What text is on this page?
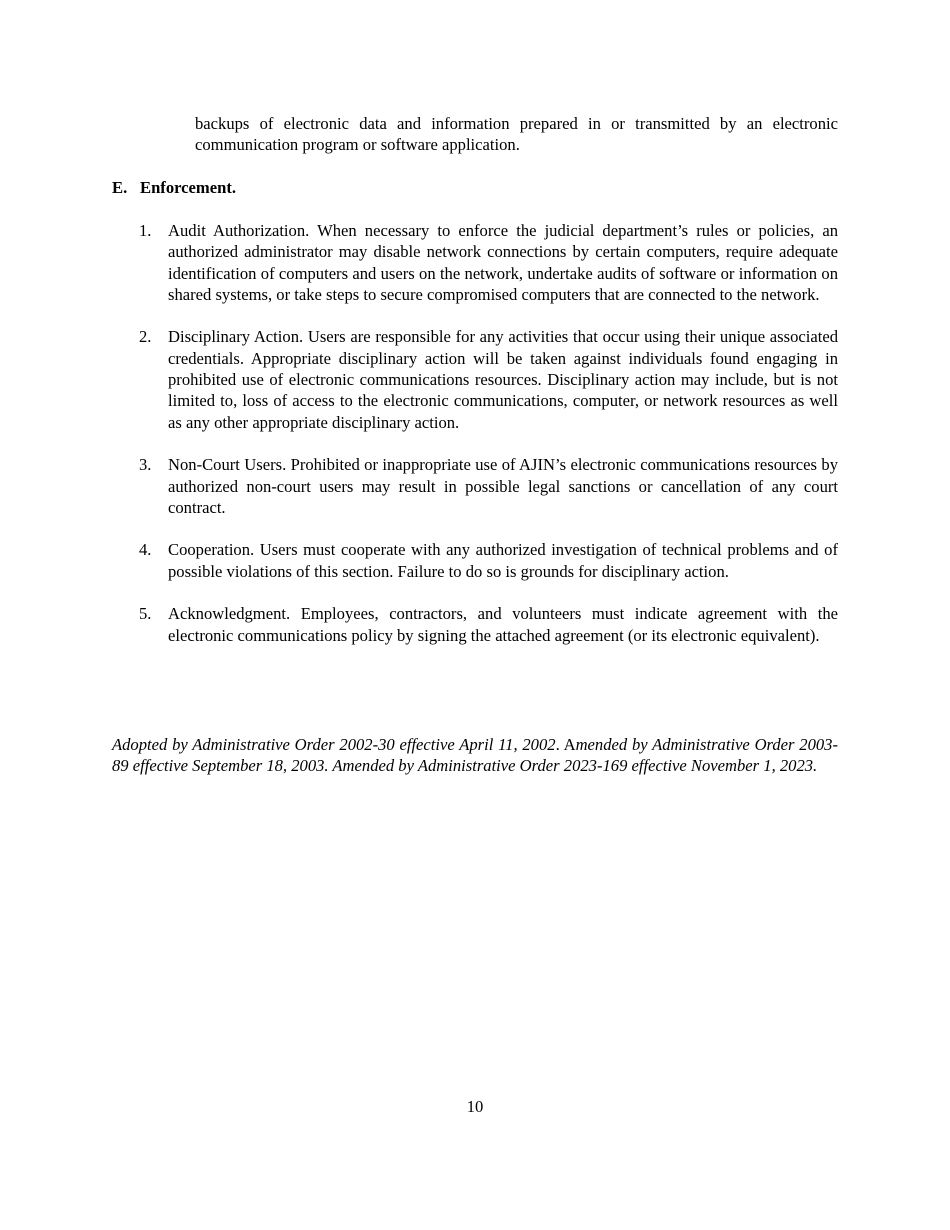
backups of electronic data and information prepared in or transmitted by an electronic communication program or software application.

E. Enforcement.
1. Audit Authorization. When necessary to enforce the judicial department’s rules or policies, an authorized administrator may disable network connections by certain computers, require adequate identification of computers and users on the network, undertake audits of software or information on shared systems, or take steps to secure compromised computers that are connected to the network.
2. Disciplinary Action. Users are responsible for any activities that occur using their unique associated credentials. Appropriate disciplinary action will be taken against individuals found engaging in prohibited use of electronic communications resources. Disciplinary action may include, but is not limited to, loss of access to the electronic communications, computer, or network resources as well as any other appropriate disciplinary action.
3. Non-Court Users. Prohibited or inappropriate use of AJIN’s electronic communications resources by authorized non-court users may result in possible legal sanctions or cancellation of any court contract.
4. Cooperation. Users must cooperate with any authorized investigation of technical problems and of possible violations of this section. Failure to do so is grounds for disciplinary action.
5. Acknowledgment. Employees, contractors, and volunteers must indicate agreement with the electronic communications policy by signing the attached agreement (or its electronic equivalent).

Adopted by Administrative Order 2002-30 effective April 11, 2002. Amended by Administrative Order 2003-89 effective September 18, 2003. Amended by Administrative Order 2023-169 effective November 1, 2023.

10
